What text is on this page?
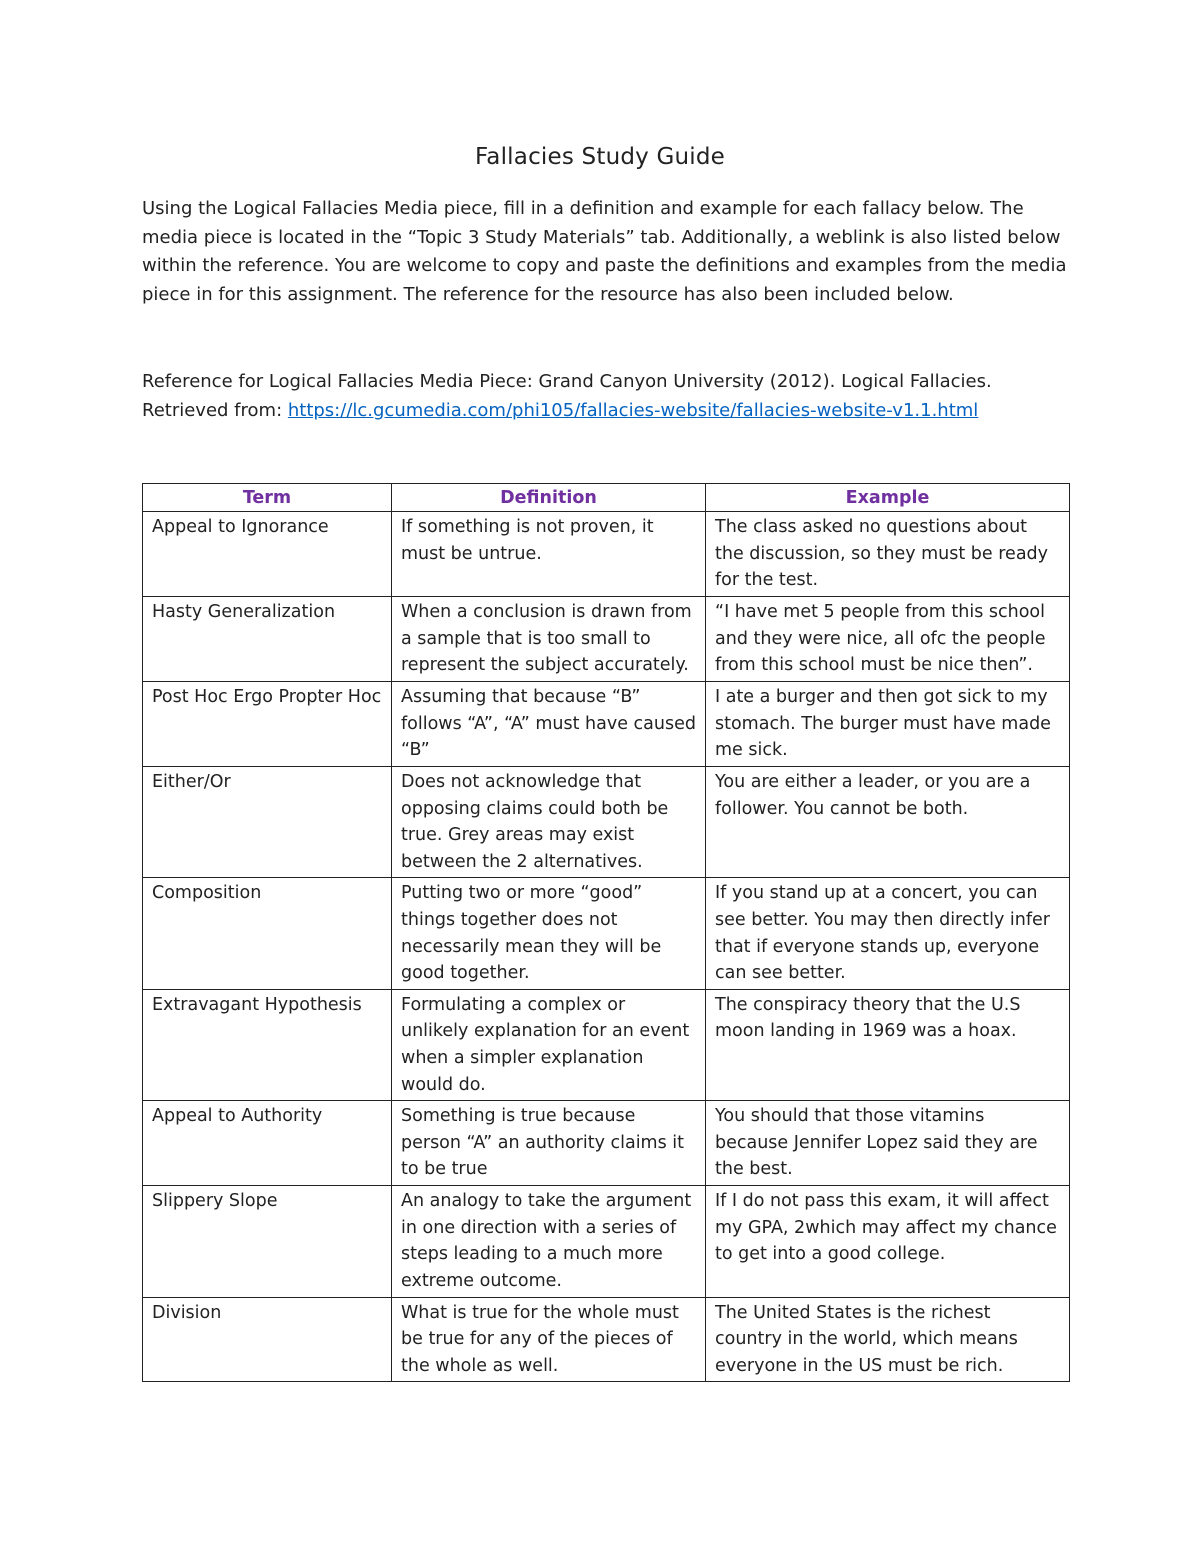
Fallacies Study Guide

Using the Logical Fallacies Media piece, fill in a definition and example for each fallacy below. The media piece is located in the “Topic 3 Study Materials” tab. Additionally, a weblink is also listed below within the reference. You are welcome to copy and paste the definitions and examples from the media piece in for this assignment. The reference for the resource has also been included below.

Reference for Logical Fallacies Media Piece: Grand Canyon University (2012). Logical Fallacies. Retrieved from: https://lc.gcumedia.com/phi105/fallacies-website/fallacies-website-v1.1.html

Term	Definition	Example
Appeal to Ignorance	If something is not proven, it must be untrue.	The class asked no questions about the discussion, so they must be ready for the test.
Hasty Generalization	When a conclusion is drawn from a sample that is too small to represent the subject accurately.	“I have met 5 people from this school and they were nice, all ofc the people from this school must be nice then”.
Post Hoc Ergo Propter Hoc	Assuming that because “B” follows “A”, “A” must have caused “B”	I ate a burger and then got sick to my stomach. The burger must have made me sick.
Either/Or	Does not acknowledge that opposing claims could both be true. Grey areas may exist between the 2 alternatives.	You are either a leader, or you are a follower. You cannot be both.
Composition	Putting two or more “good” things together does not necessarily mean they will be good together.	If you stand up at a concert, you can see better. You may then directly infer that if everyone stands up, everyone can see better.
Extravagant Hypothesis	Formulating a complex or unlikely explanation for an event when a simpler explanation would do.	The conspiracy theory that the U.S moon landing in 1969 was a hoax.
Appeal to Authority	Something is true because person “A” an authority claims it to be true	You should that those vitamins because Jennifer Lopez said they are the best.
Slippery Slope	An analogy to take the argument in one direction with a series of steps leading to a much more extreme outcome.	If I do not pass this exam, it will affect my GPA, 2which may affect my chance to get into a good college.
Division	What is true for the whole must be true for any of the pieces of the whole as well.	The United States is the richest country in the world, which means everyone in the US must be rich.
